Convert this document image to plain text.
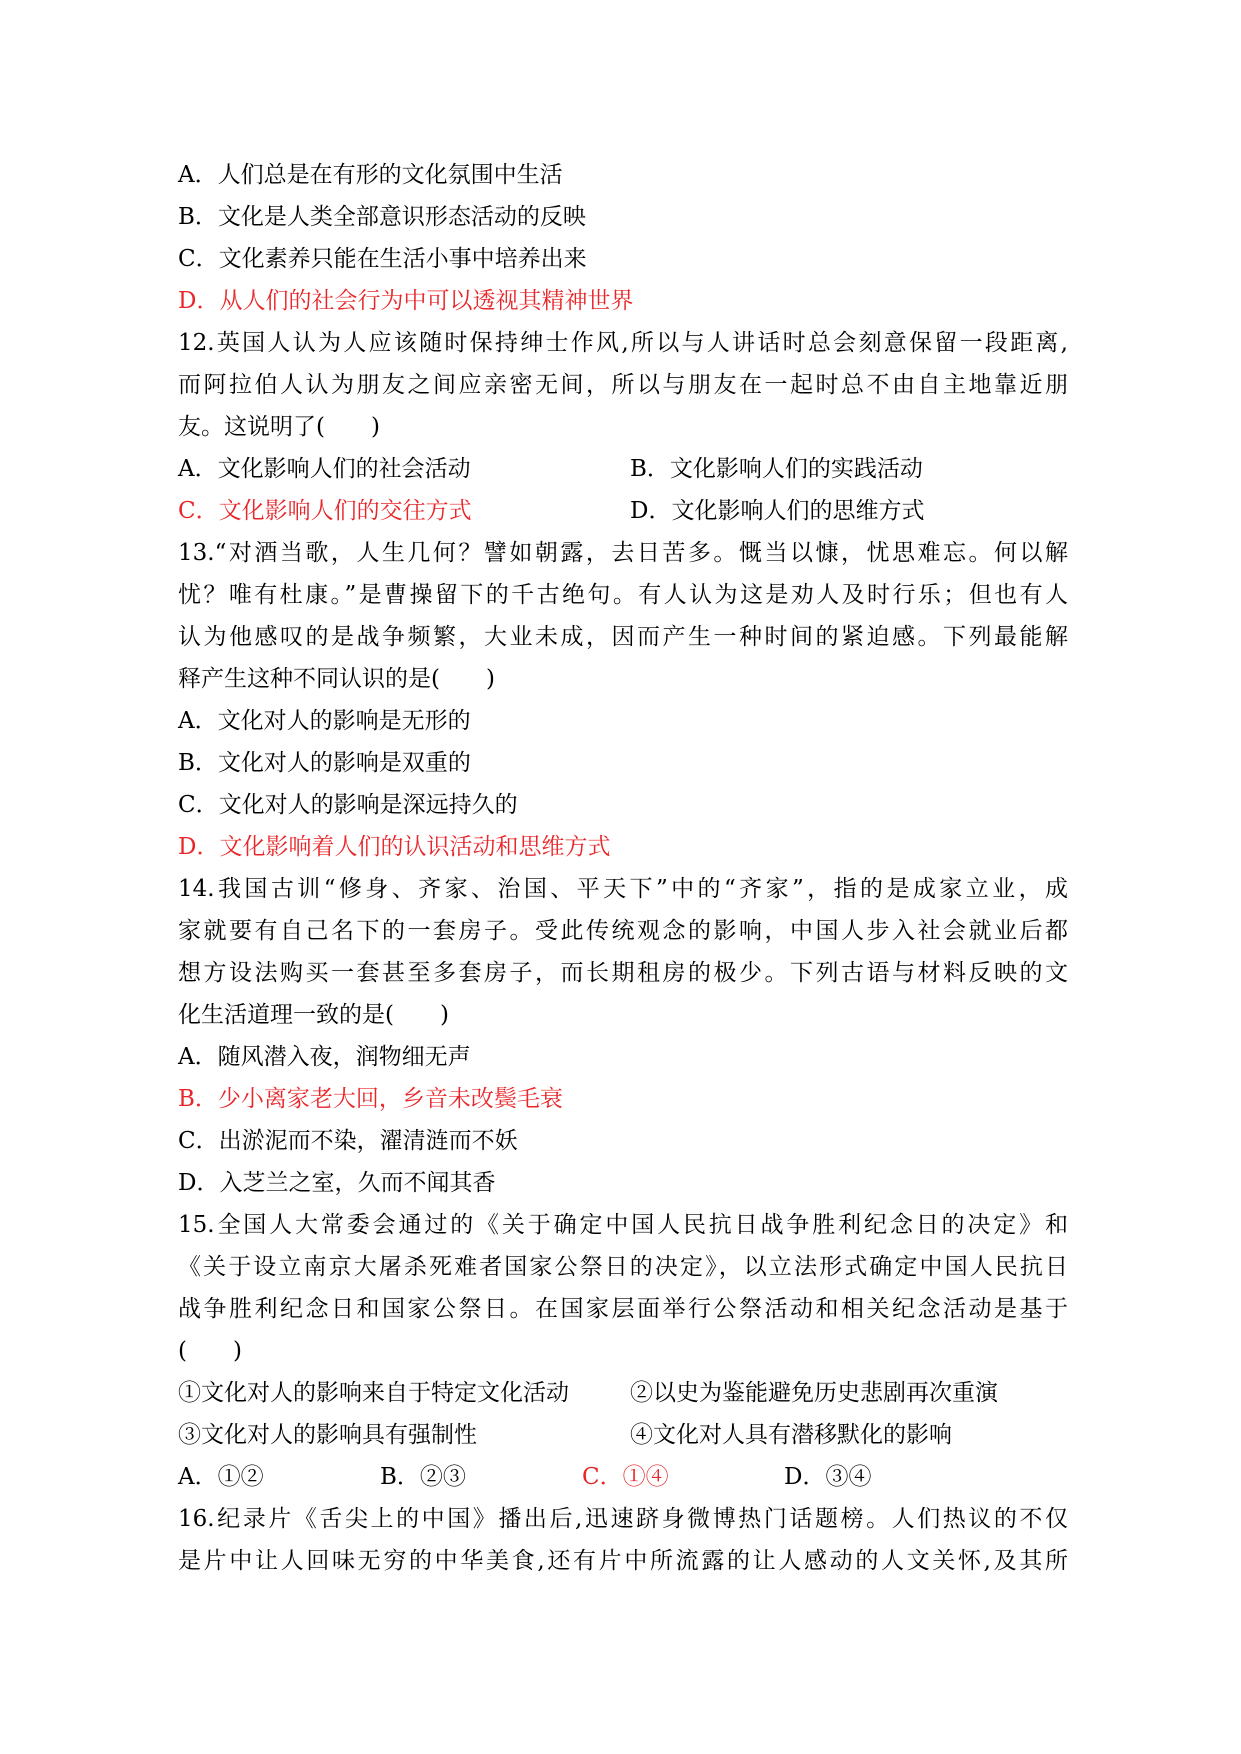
A．人们总是在有形的文化氛围中生活
B．文化是人类全部意识形态活动的反映
C．文化素养只能在生活小事中培养出来
D．从人们的社会行为中可以透视其精神世界
12.英国人认为人应该随时保持绅士作风,所以与人讲话时总会刻意保留一段距离,
而阿拉伯人认为朋友之间应亲密无间，所以与朋友在一起时总不由自主地靠近朋
友。这说明了(　　)
A．文化影响人们的社会活动	B．文化影响人们的实践活动
C．文化影响人们的交往方式	D．文化影响人们的思维方式
13.“对酒当歌，人生几何？譬如朝露，去日苦多。慨当以慷，忧思难忘。何以解
忧？唯有杜康。”是曹操留下的千古绝句。有人认为这是劝人及时行乐；但也有人
认为他感叹的是战争频繁，大业未成，因而产生一种时间的紧迫感。下列最能解
释产生这种不同认识的是(　　)
A．文化对人的影响是无形的
B．文化对人的影响是双重的
C．文化对人的影响是深远持久的
D．文化影响着人们的认识活动和思维方式
14.我国古训“修身、齐家、治国、平天下”中的“齐家”，指的是成家立业，成
家就要有自己名下的一套房子。受此传统观念的影响，中国人步入社会就业后都
想方设法购买一套甚至多套房子，而长期租房的极少。下列古语与材料反映的文
化生活道理一致的是(　　)
A．随风潜入夜，润物细无声
B．少小离家老大回，乡音未改鬓毛衰
C．出淤泥而不染，濯清涟而不妖
D．入芝兰之室，久而不闻其香
15.全国人大常委会通过的《关于确定中国人民抗日战争胜利纪念日的决定》和
《关于设立南京大屠杀死难者国家公祭日的决定》，以立法形式确定中国人民抗日
战争胜利纪念日和国家公祭日。在国家层面举行公祭活动和相关纪念活动是基于
(　　)
①文化对人的影响来自于特定文化活动	②以史为鉴能避免历史悲剧再次重演
③文化对人的影响具有强制性	④文化对人具有潜移默化的影响
A．①②	B．②③	C．①④	D．③④
16.纪录片《舌尖上的中国》播出后,迅速跻身微博热门话题榜。人们热议的不仅
是片中让人回味无穷的中华美食,还有片中所流露的让人感动的人文关怀,及其所
